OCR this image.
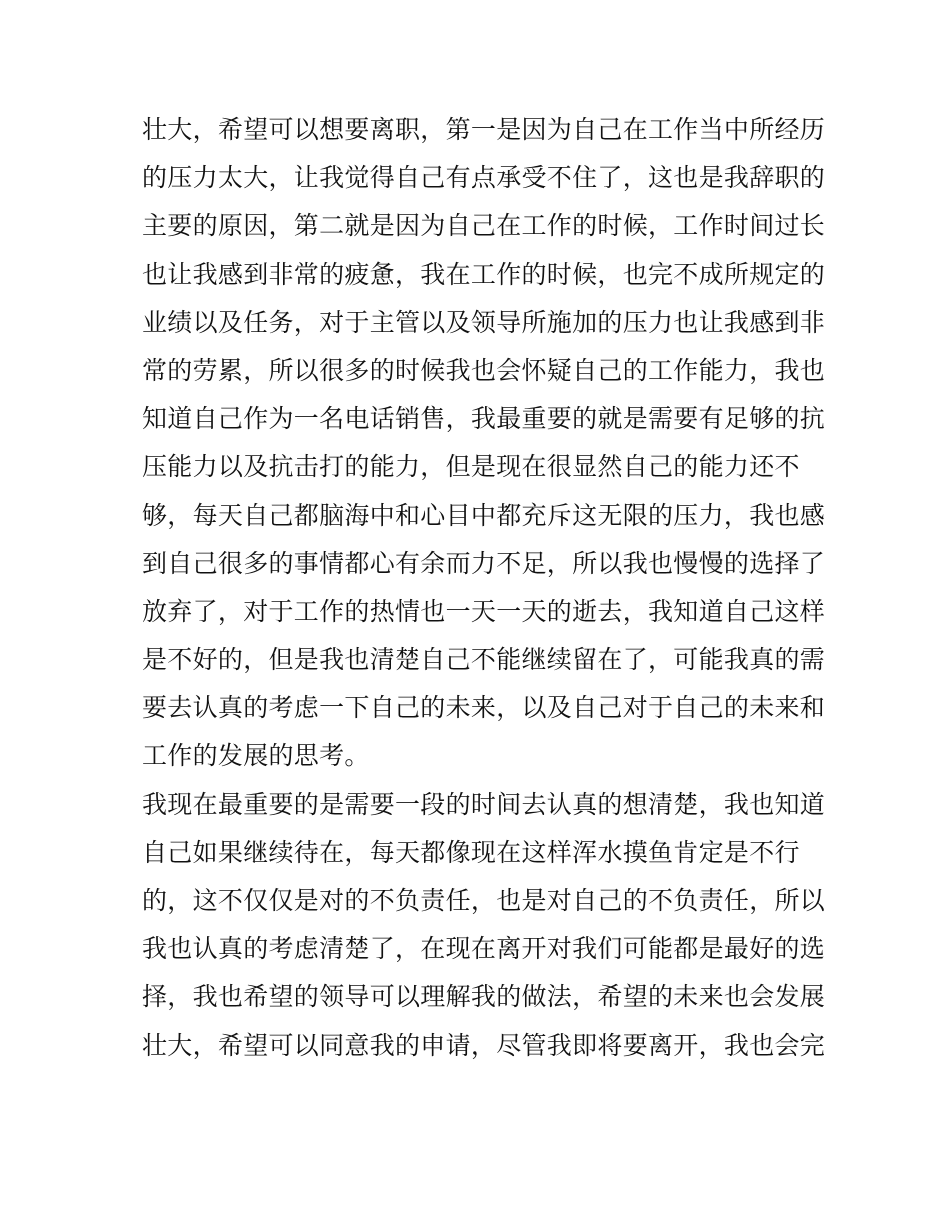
壮大，希望可以想要离职，第一是因为自己在工作当中所经历
的压力太大，让我觉得自己有点承受不住了，这也是我辞职的
主要的原因，第二就是因为自己在工作的时候，工作时间过长
也让我感到非常的疲惫，我在工作的时候，也完不成所规定的
业绩以及任务，对于主管以及领导所施加的压力也让我感到非
常的劳累，所以很多的时候我也会怀疑自己的工作能力，我也
知道自己作为一名电话销售，我最重要的就是需要有足够的抗
压能力以及抗击打的能力，但是现在很显然自己的能力还不
够，每天自己都脑海中和心目中都充斥这无限的压力，我也感
到自己很多的事情都心有余而力不足，所以我也慢慢的选择了
放弃了，对于工作的热情也一天一天的逝去，我知道自己这样
是不好的，但是我也清楚自己不能继续留在了，可能我真的需
要去认真的考虑一下自己的未来，以及自己对于自己的未来和
工作的发展的思考。
我现在最重要的是需要一段的时间去认真的想清楚，我也知道
自己如果继续待在，每天都像现在这样浑水摸鱼肯定是不行
的，这不仅仅是对的不负责任，也是对自己的不负责任，所以
我也认真的考虑清楚了，在现在离开对我们可能都是最好的选
择，我也希望的领导可以理解我的做法，希望的未来也会发展
壮大，希望可以同意我的申请，尽管我即将要离开，我也会完
